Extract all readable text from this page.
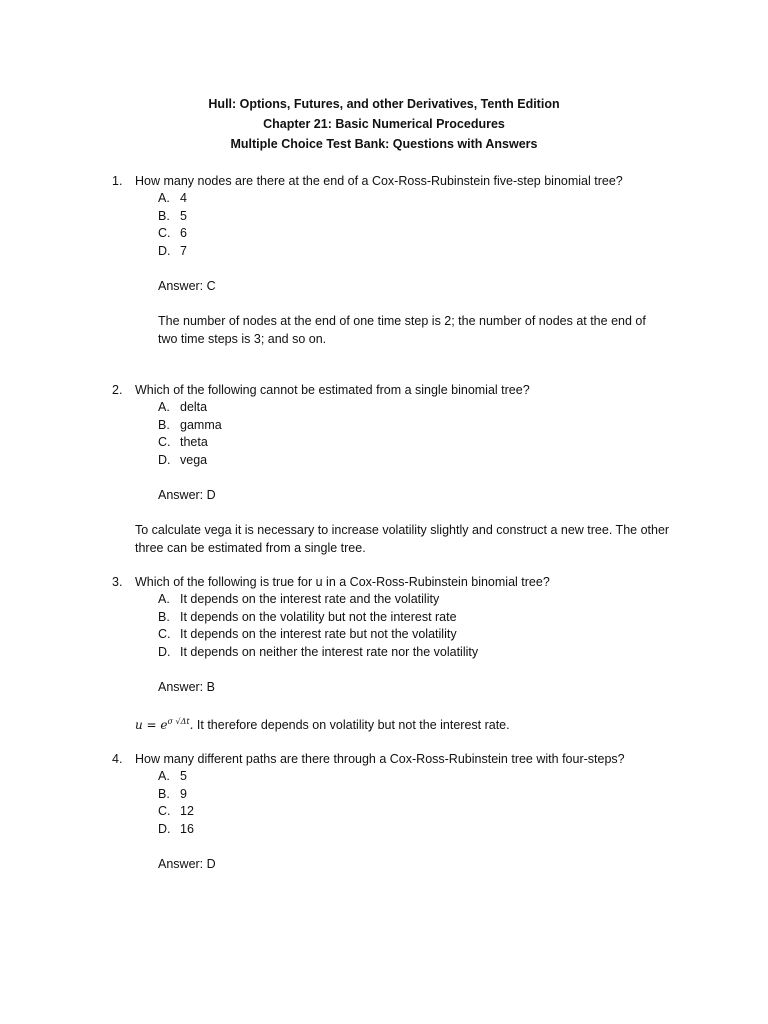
Hull: Options, Futures, and other Derivatives, Tenth Edition
Chapter 21: Basic Numerical Procedures
Multiple Choice Test Bank: Questions with Answers
1. How many nodes are there at the end of a Cox-Ross-Rubinstein five-step binomial tree?
A. 4
B. 5
C. 6
D. 7
Answer: C
The number of nodes at the end of one time step is 2; the number of nodes at the end of
two time steps is 3; and so on.
2. Which of the following cannot be estimated from a single binomial tree?
A. delta
B. gamma
C. theta
D. vega
Answer: D
To calculate vega it is necessary to increase volatility slightly and construct a new tree. The other
three can be estimated from a single tree.
3. Which of the following is true for u in a Cox-Ross-Rubinstein binomial tree?
A. It depends on the interest rate and the volatility
B. It depends on the volatility but not the interest rate
C. It depends on the interest rate but not the volatility
D. It depends on neither the interest rate nor the volatility
Answer: B
$u = e^{\sigma √\Delta t}$. It therefore depends on volatility but not the interest rate.
4. How many different paths are there through a Cox-Ross-Rubinstein tree with four-steps?
A. 5
B. 9
C. 12
D. 16
Answer: D
